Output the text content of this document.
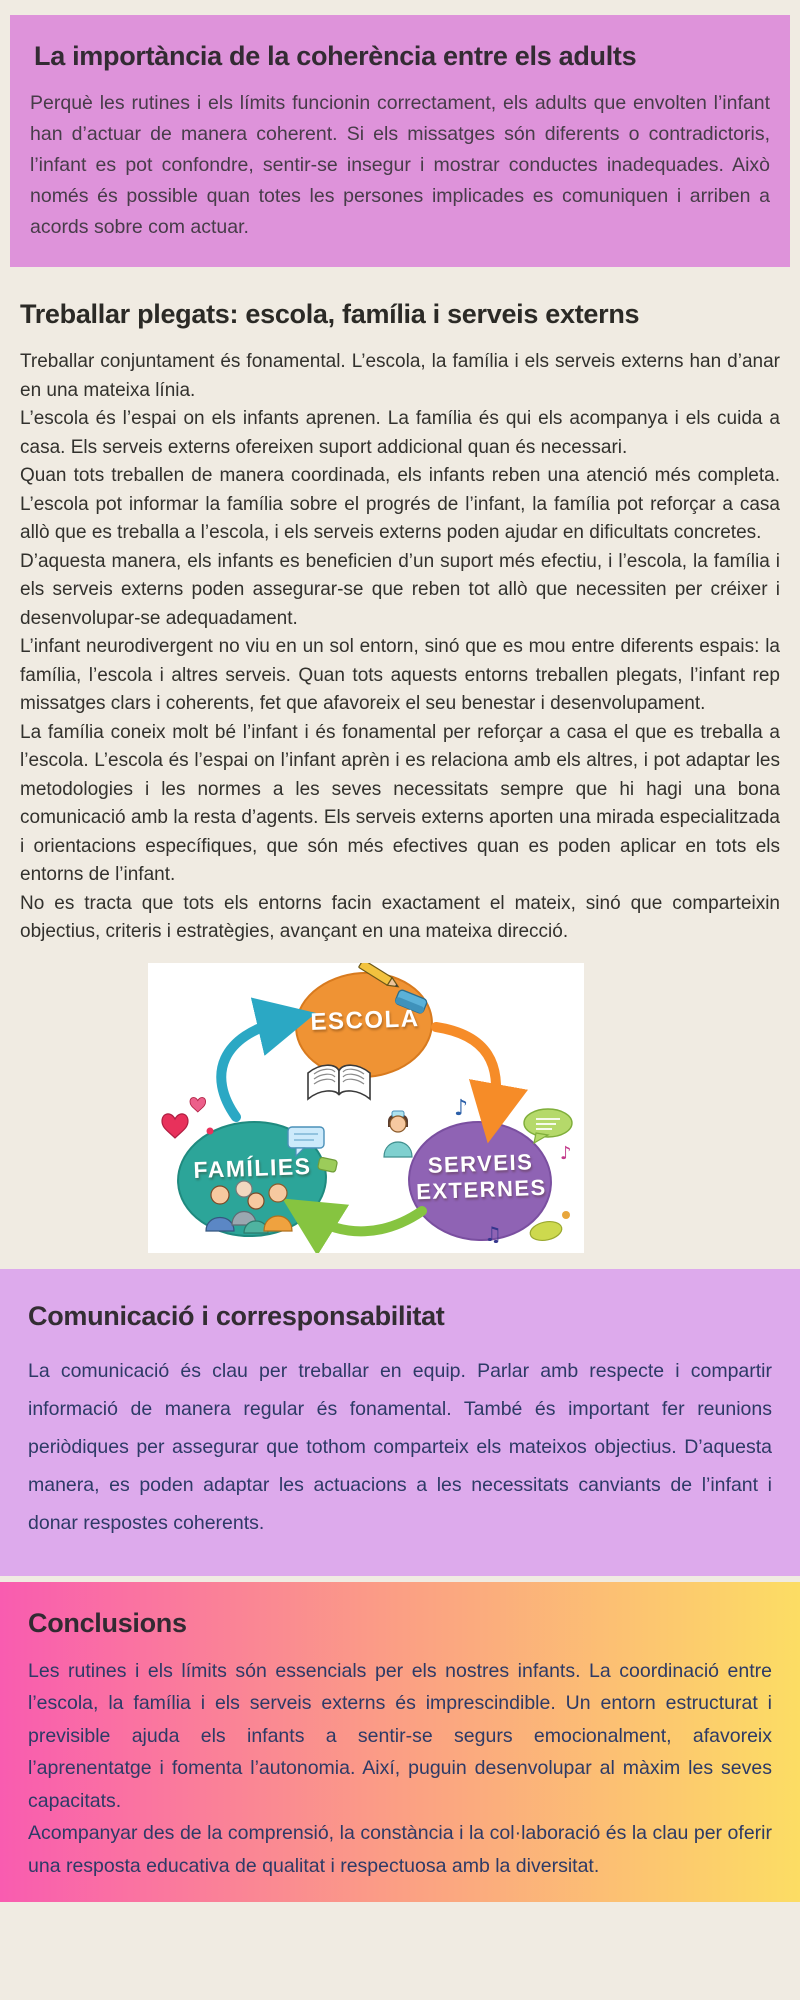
La importància de la coherència entre els adults

Perquè les rutines i els límits funcionin correctament, els adults que envolten l’infant han d’actuar de manera coherent. Si els missatges són diferents o contradictoris, l’infant es pot confondre, sentir-se insegur i mostrar conductes inadequades. Això només és possible quan totes les persones implicades es comuniquen i arriben a acords sobre com actuar.

Treballar plegats: escola, família i serveis externs

Treballar conjuntament és fonamental. L’escola, la família i els serveis externs han d’anar en una mateixa línia.

L’escola és l’espai on els infants aprenen. La família és qui els acompanya i els cuida a casa. Els serveis externs ofereixen suport addicional quan és necessari.

Quan tots treballen de manera coordinada, els infants reben una atenció més completa. L’escola pot informar la família sobre el progrés de l’infant, la família pot reforçar a casa allò que es treballa a l’escola, i els serveis externs poden ajudar en dificultats concretes.

D’aquesta manera, els infants es beneficien d’un suport més efectiu, i l’escola, la família i els serveis externs poden assegurar-se que reben tot allò que necessiten per créixer i desenvolupar-se adequadament.

L’infant neurodivergent no viu en un sol entorn, sinó que es mou entre diferents espais: la família, l’escola i altres serveis. Quan tots aquests entorns treballen plegats, l’infant rep missatges clars i coherents, fet que afavoreix el seu benestar i desenvolupament.

La família coneix molt bé l’infant i és fonamental per reforçar a casa el que es treballa a l’escola. L’escola és l’espai on l’infant aprèn i es relaciona amb els altres, i pot adaptar les metodologies i les normes a les seves necessitats sempre que hi hagi una bona comunicació amb la resta d’agents. Els serveis externs aporten una mirada especialitzada i orientacions específiques, que són més efectives quan es poden aplicar en tots els entorns de l’infant.

No es tracta que tots els entorns facin exactament el mateix, sinó que comparteixin objectius, criteris i estratègies, avançant en una mateixa direcció.

♪
♪
♫
ESCOLA
FAMÍLIES	SERVEIS
EXTERNES
Comunicació i corresponsabilitat

La comunicació és clau per treballar en equip. Parlar amb respecte i compartir informació de manera regular és fonamental. També és important fer reunions periòdiques per assegurar que tothom comparteix els mateixos objectius. D’aquesta manera, es poden adaptar les actuacions a les necessitats canviants de l’infant i donar respostes coherents.

Conclusions

Les rutines i els límits són essencials per els nostres infants. La coordinació entre l’escola, la família i els serveis externs és imprescindible. Un entorn estructurat i previsible ajuda els infants a sentir-se segurs emocionalment, afavoreix l’aprenentatge i fomenta l’autonomia. Així, puguin desenvolupar al màxim les seves capacitats.

Acompanyar des de la comprensió, la constància i la col·laboració és la clau per oferir una resposta educativa de qualitat i respectuosa amb la diversitat.
